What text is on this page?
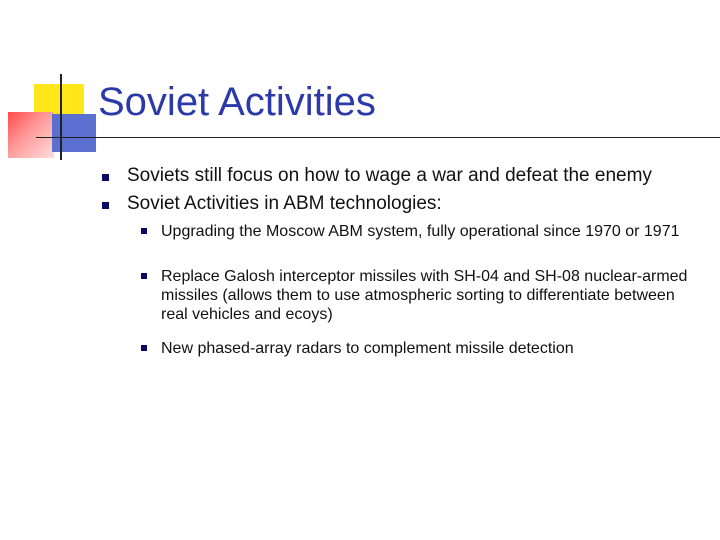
Soviet Activities
Soviets still focus on how to wage a war and defeat the enemy
Soviet Activities in ABM technologies:
Upgrading the Moscow ABM system, fully operational since 1970 or 1971
Replace Galosh interceptor missiles with SH-04 and SH-08 nuclear-armed missiles (allows them to use atmospheric sorting to differentiate between real vehicles and ecoys)
New phased-array radars to complement missile detection
